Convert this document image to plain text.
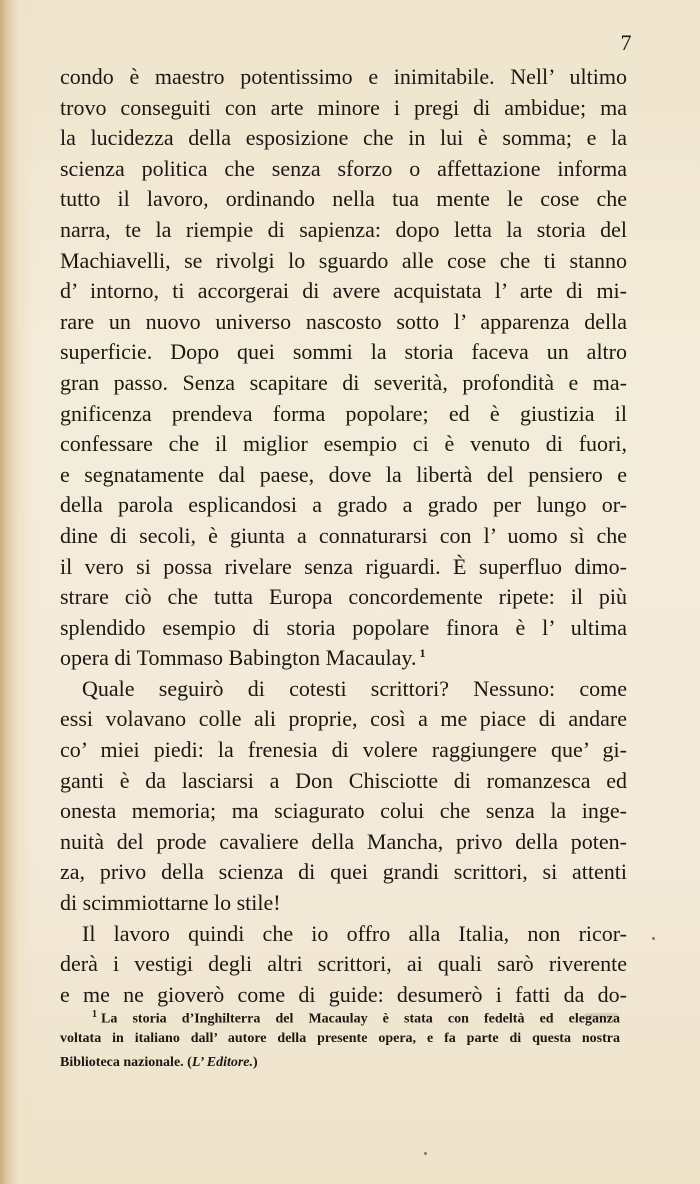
7
condo è maestro potentissimo e inimitabile. Nell’ ultimo
trovo conseguiti con arte minore i pregi di ambidue; ma
la lucidezza della esposizione che in lui è somma; e la
scienza politica che senza sforzo o affettazione informa
tutto il lavoro, ordinando nella tua mente le cose che
narra, te la riempie di sapienza: dopo letta la storia del
Machiavelli, se rivolgi lo sguardo alle cose che ti stanno
d’ intorno, ti accorgerai di avere acquistata l’ arte di mi-
rare un nuovo universo nascosto sotto l’ apparenza della
superficie. Dopo quei sommi la storia faceva un altro
gran passo. Senza scapitare di severità, profondità e ma-
gnificenza prendeva forma popolare; ed è giustizia il
confessare che il miglior esempio ci è venuto di fuori,
e segnatamente dal paese, dove la libertà del pensiero e
della parola esplicandosi a grado a grado per lungo or-
dine di secoli, è giunta a connaturarsi con l’ uomo sì che
il vero si possa rivelare senza riguardi. È superfluo dimo-
strare ciò che tutta Europa concordemente ripete: il più
splendido esempio di storia popolare finora è l’ ultima
opera di Tommaso Babington Macaulay. $^1$
Quale seguirò di cotesti scrittori? Nessuno: come
essi volavano colle ali proprie, così a me piace di andare
co’ miei piedi: la frenesia di volere raggiungere que’ gi-
ganti è da lasciarsi a Don Chisciotte di romanzesca ed
onesta memoria; ma sciagurato colui che senza la inge-
nuità del prode cavaliere della Mancha, privo della poten-
za, privo della scienza di quei grandi scrittori, si attenti
di scimmiottarne lo stile!
Il lavoro quindi che io offro alla Italia, non ricor-
derà i vestigi degli altri scrittori, ai quali sarò riverente
e me ne gioverò come di guide: desumerò i fatti da do-
$^1$ La storia d’Inghilterra del Macaulay è stata con fedeltà ed eleganza
voltata in italiano dall’ autore della presente opera, e fa parte di questa nostra
Biblioteca nazionale. (L’ Editore.)
